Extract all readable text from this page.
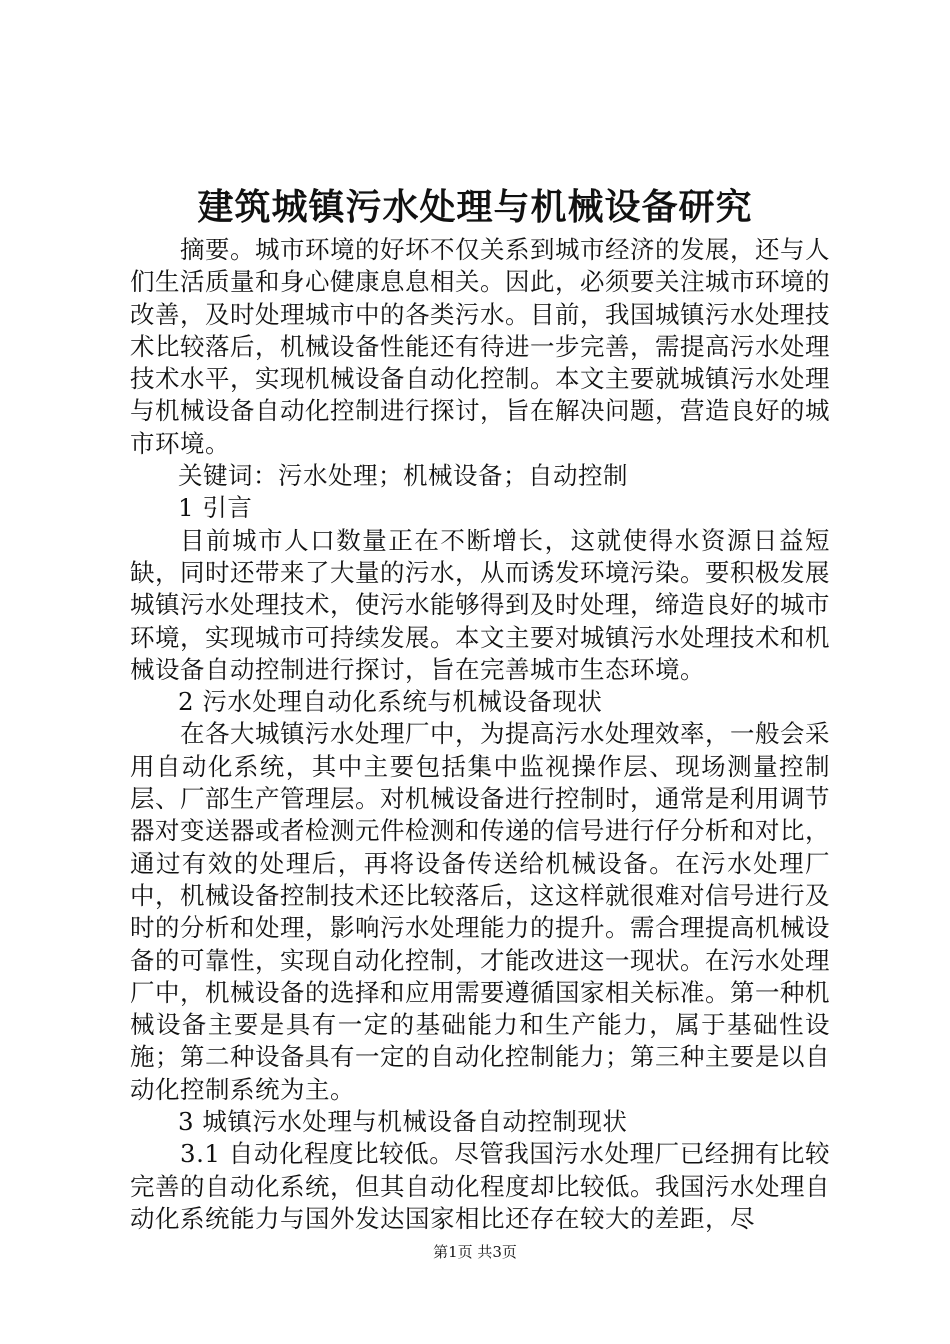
建筑城镇污水处理与机械设备研究

摘要。城市环境的好坏不仅关系到城市经济的发展，还与人们生活质量和身心健康息息相关。因此，必须要关注城市环境的改善，及时处理城市中的各类污水。目前，我国城镇污水处理技术比较落后，机械设备性能还有待进一步完善，需提高污水处理技术水平，实现机械设备自动化控制。本文主要就城镇污水处理与机械设备自动化控制进行探讨，旨在解决问题，营造良好的城市环境。

关键词：污水处理；机械设备；自动控制

1 引言

目前城市人口数量正在不断增长，这就使得水资源日益短缺，同时还带来了大量的污水，从而诱发环境污染。要积极发展城镇污水处理技术，使污水能够得到及时处理，缔造良好的城市环境，实现城市可持续发展。本文主要对城镇污水处理技术和机械设备自动控制进行探讨，旨在完善城市生态环境。

2 污水处理自动化系统与机械设备现状

在各大城镇污水处理厂中，为提高污水处理效率，一般会采用自动化系统，其中主要包括集中监视操作层、现场测量控制层、厂部生产管理层。对机械设备进行控制时，通常是利用调节器对变送器或者检测元件检测和传递的信号进行仔分析和对比，通过有效的处理后，再将设备传送给机械设备。在污水处理厂中，机械设备控制技术还比较落后，这这样就很难对信号进行及时的分析和处理，影响污水处理能力的提升。需合理提高机械设备的可靠性，实现自动化控制，才能改进这一现状。在污水处理厂中，机械设备的选择和应用需要遵循国家相关标准。第一种机械设备主要是具有一定的基础能力和生产能力，属于基础性设施；第二种设备具有一定的自动化控制能力；第三种主要是以自动化控制系统为主。

3 城镇污水处理与机械设备自动控制现状

3.1 自动化程度比较低。尽管我国污水处理厂已经拥有比较完善的自动化系统，但其自动化程度却比较低。我国污水处理自动化系统能力与国外发达国家相比还存在较大的差距，尽

第1页 共3页
